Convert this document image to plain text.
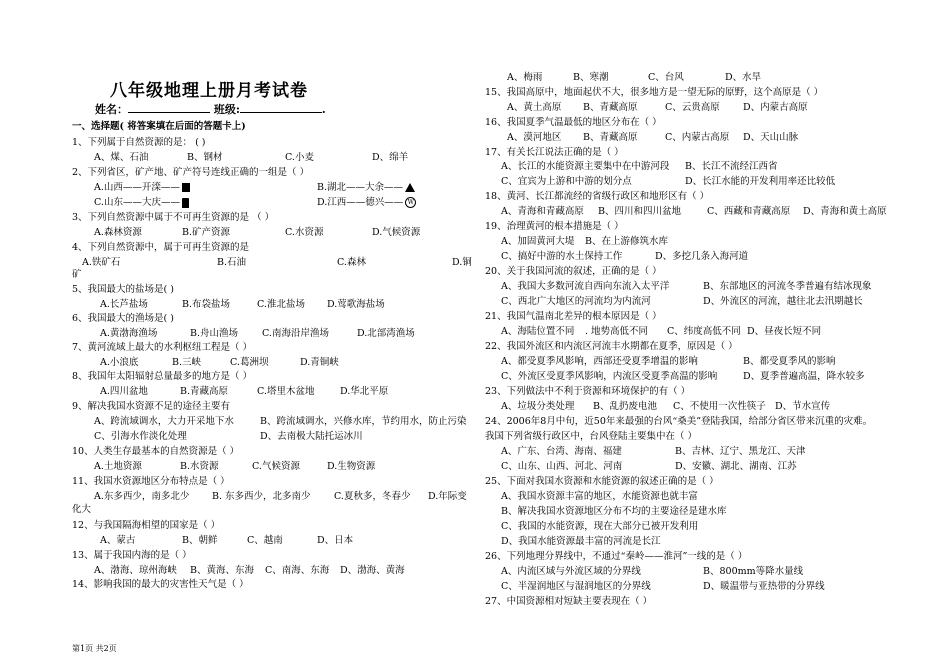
八年级地理上册月考试卷
姓名：	班级:	.
一、选择题( 将答案填在后面的答题卡上)
1、下列属于自然资源的是： ( )
A、煤、石油	B、钢材	C.小麦	D、绵羊
2、下列省区，矿产地、矿产符号连线正确的一组是（ ）
A.山西——开滦——	B.湖北——大余——
C.山东——大庆——	D.江西——德兴—— W
3、下列自然资源中属于不可再生资源的是 （ ）
A.森林资源	B.矿产资源	C.水资源	D.气候资源
4、下列自然资源中，属于可再生资源的是
A.铁矿石	B.石油	C.森林	D.铜
矿
5、我国最大的盐场是( )
A.长芦盐场	B.布袋盐场	C.淮北盐场 D.莺歌海盐场
6、我国最大的渔场是( )
A.黄渤海渔场	B.舟山渔场	C.南海沿岸渔场	D.北部湾渔场
7、黄河流域上最大的水利枢纽工程是（ ）
A.小浪底	B.三峡	C.葛洲坝	D.青铜峡
8、我国年太阳辐射总量最多的地方是（ ）
A.四川盆地	B.青藏高原	C.塔里木盆地	D.华北平原
9、解决我国水资源不足的途径主要有
A、跨流域调水，大力开采地下水	B、跨流域调水，兴修水库，节约用水，防止污染
C、引海水作淡化处理	D、去南极大陆托运冰川
10、人类生存最基本的自然资源是（ ）
A.土地资源	B.水资源	C.气候资源	D.生物资源
11、我国水资源地区分布特点是（ ）
A.东多西少，南多北少 B. 东多西少，北多南少 C.夏秋多，冬春少 D.年际变
化大
12、与我国隔海相望的国家是（ ）
A、蒙古	B、朝鲜	C、越南	D、日本
13、属于我国内海的是（ ）
A、渤海、琼州海峡 B、黄海、东海 C、南海、东海 D、渤海、黄海
14、影响我国的最大的灾害性天气是（ ）
A、梅雨	B、寒潮	C、台风	D、水旱
15、我国高原中，地面起伏不大，很多地方是一望无际的原野，这个高原是（ ）
A、黄土高原 B、青藏高原	C、云贵高原 D、内蒙古高原
16、我国夏季气温最低的地区分布在（ ）
A、漠河地区 B、青藏高原	C、内蒙古高原 D、天山山脉
17、有关长江说法正确的是（ ）
A、长江的水能资源主要集中在中游河段 B、长江不流经江西省
C、宜宾为上游和中游的划分点	D、长江水能的开发利用率还比较低
18、黄河、长江都流经的省级行政区和地形区有（ ）
A、青海和青藏高原 B、四川和四川盆地	C、西藏和青藏高原 D、青海和黄土高原
19、治理黄河的根本措施是（ ）
A、加固黄河大堤 B、在上游修筑水库
C、搞好中游的水土保持工作	D、多挖几条入海河道
20、关于我国河流的叙述，正确的是（ ）
A、我国大多数河流自西向东流入太平洋	B、东部地区的河流冬季普遍有结冰现象
C、西北广大地区的河流均为内流河	D、外流区的河流，越往北去汛期越长
21、我国气温南北差异的根本原因是（ ）
A、海陆位置不同 . 地势高低不同 C、纬度高低不同 D、昼夜长短不同
22、我国外流区和内流区河流丰水期都在夏季，原因是（ ）
A、都受夏季风影响，西部还受夏季增温的影响	B、都受夏季风的影响
C、外流区受夏季风影响，内流区受夏季高温的影响	D、夏季普遍高温，降水较多
23、下列做法中不利于资源和环境保护的有（ ）
A、垃圾分类处理 B、乱扔废电池 C、不使用一次性筷子 D、节水宣传
24、2006年8月中旬，近50年来最强的台风“桑美”登陆我国，给部分省区带来沉重的灾难。
我国下列省级行政区中，台风登陆主要集中在（ ）
A、广东、台湾、海南、福建	B、吉林、辽宁、黑龙江、天津
C、山东、山西、河北、河南	D、安徽、湖北、湖南、江苏
25、下面对我国水资源和水能资源的叙述正确的是（ ）
A、我国水资源丰富的地区，水能资源也就丰富
B、解决我国水资源地区分布不均的主要途径是建水库
C、我国的水能资源，现在大部分已被开发利用
D、我国水能资源最丰富的河流是长江
26、下列地理分界线中，不通过“秦岭——淮河”一线的是（ ）
A、内流区域与外流区域的分界线	B、800mm等降水量线
C、半湿润地区与湿润地区的分界线	D、暖温带与亚热带的分界线
27、中国资源相对短缺主要表现在（ ）
第1页 共2页
